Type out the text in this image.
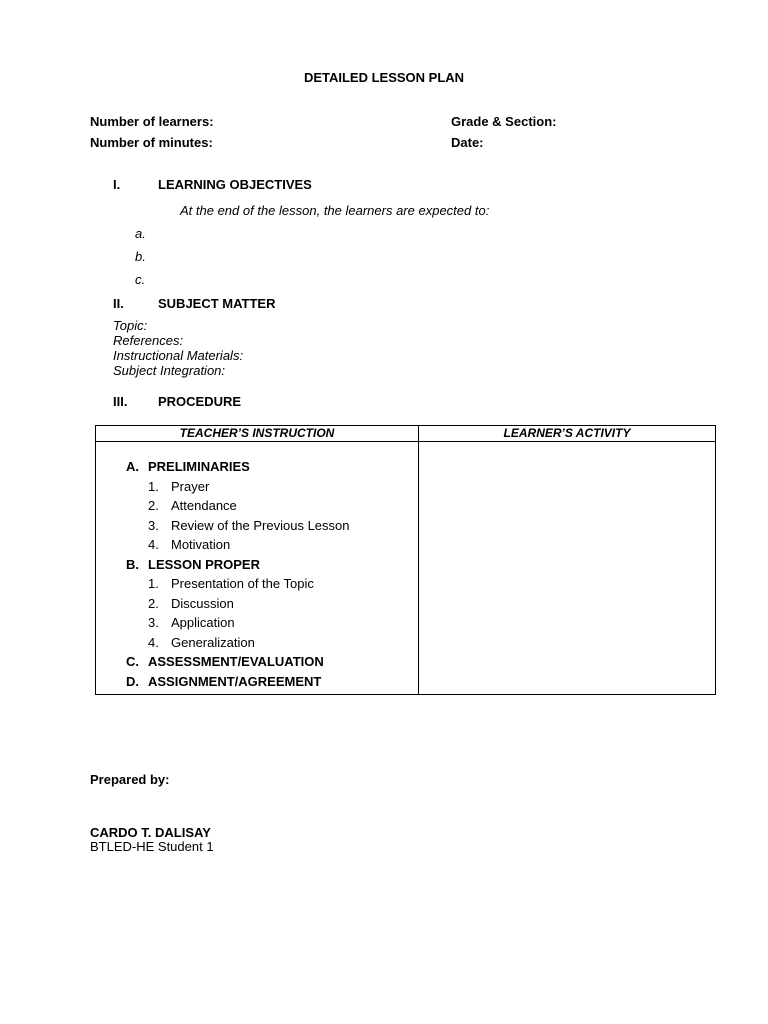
DETAILED LESSON PLAN
Number of learners:
Number of minutes:
Grade & Section:
Date:
I.	LEARNING OBJECTIVES
At the end of the lesson, the learners are expected to:
a.
b.
c.
II.	SUBJECT MATTER
Topic:
References:
Instructional Materials:
Subject Integration:
III. PROCEDURE
TEACHER’S INSTRUCTION	LEARNER’S ACTIVITY
A. PRELIMINARIES
1. Prayer
2. Attendance
3. Review of the Previous Lesson
4. Motivation
B. LESSON PROPER
1. Presentation of the Topic
2. Discussion
3. Application
4. Generalization
C. ASSESSMENT/EVALUATION
D. ASSIGNMENT/AGREEMENT
Prepared by:
CARDO T. DALISAY
BTLED-HE Student 1
